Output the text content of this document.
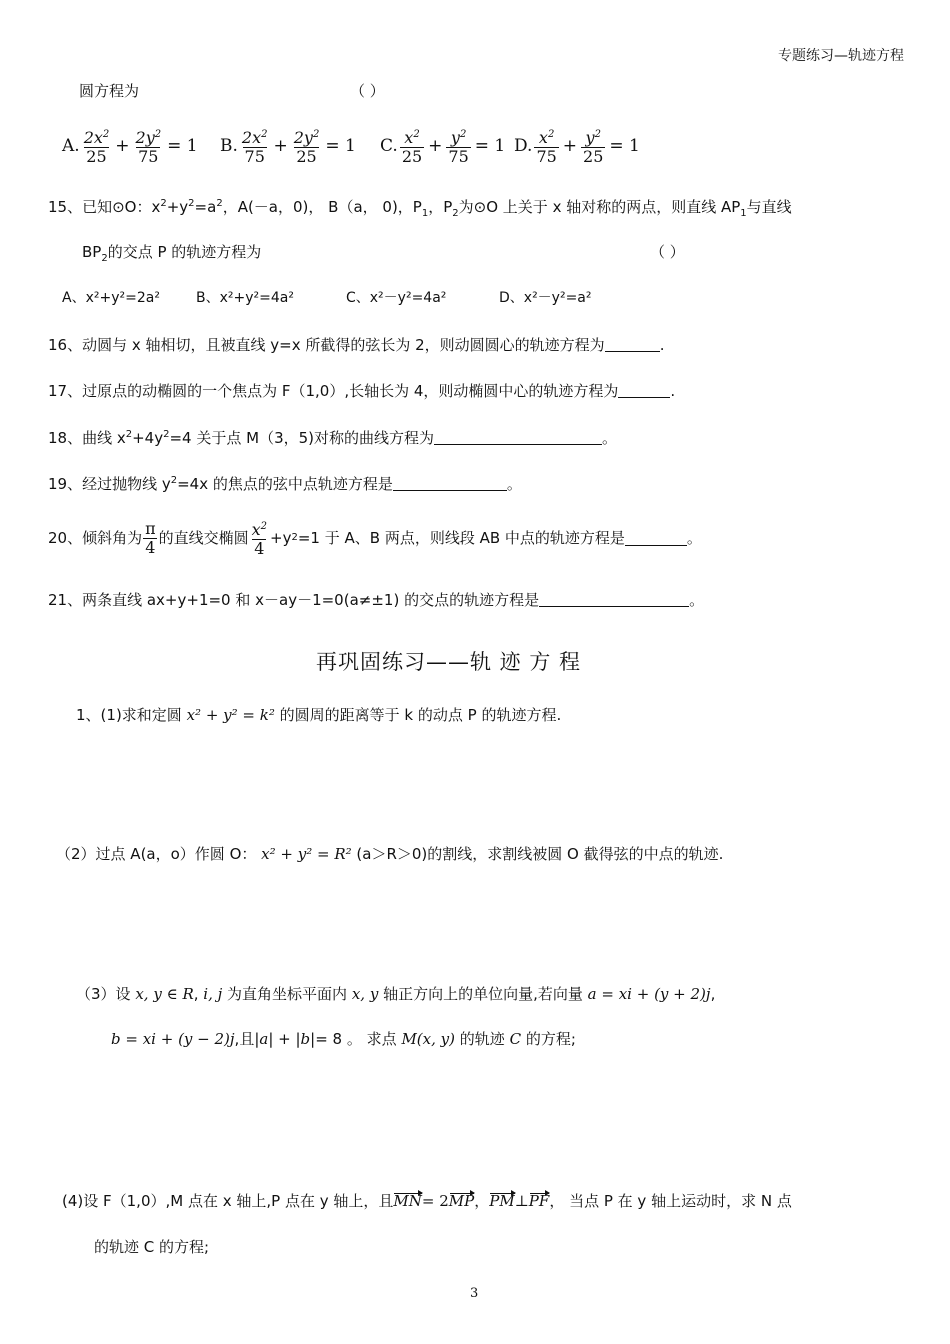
专题练习—轨迹方程
圆方程为	（ ）
A. $\frac{2x^2}{25} + \frac{2y^2}{75} = 1$ B. $\frac{2x^2}{75} + \frac{2y^2}{25} = 1$ C. $\frac{x^2}{25} + \frac{y^2}{75} = 1$ D. $\frac{x^2}{75} + \frac{y^2}{25} = 1$
15、已知⊙O：$x^2+y^2=a^2$，A(－a，0)， B（a， 0)，$P_1$，$P_2$为⊙O 上关于 x 轴对称的两点，则直线 $AP_1$与直线
$BP_2$的交点 P 的轨迹方程为	（ ）
A、x²+y²=2a²	B、x²+y²=4a²	C、x²－y²=4a²	D、x²－y²=a²
16、动圆与 x 轴相切，且被直线 y=x 所截得的弦长为 2，则动圆圆心的轨迹方程为	.
17、过原点的动椭圆的一个焦点为 F（1,0）,长轴长为 4，则动椭圆中心的轨迹方程为	.
18、曲线 $x^2+4y^2=4$ 关于点 M（3，5)对称的曲线方程为	。
19、经过抛物线 $y^2=4x$ 的焦点的弦中点轨迹方程是	。
20、倾斜角为 $\frac{\pi}{4}$ 的直线交椭圆 $\frac{x^2}{4} +y$ 2 =1 于 A、B 两点，则线段 AB 中点的轨迹方程是	。
21、两条直线 ax+y+1=0 和 x－ay－1=0(a≠±1) 的交点的轨迹方程是	。
再巩固练习——轨 迹 方 程
1、(1)求和定圆 x² + y² = k² 的圆周的距离等于 k 的动点 P 的轨迹方程.
（2）过点 A(a，o）作圆 O： x² + y² = R² (a＞R＞0)的割线，求割线被圆 O 截得弦的中点的轨迹.
（3）设 x, y ∈ R, i, j 为直角坐标平面内 x, y 轴正方向上的单位向量,若向量 a = xi + (y + 2)j,
b = xi + (y − 2)j,且|a| + |b|= 8 。 求点 M(x, y) 的轨迹 C 的方程;
(4)设 F（1,0）,M 点在 x 轴上,P 点在 y 轴上，且MN= 2MP，PM⊥PF， 当点 P 在 y 轴上运动时，求 N 点
的轨迹 C 的方程;
3
